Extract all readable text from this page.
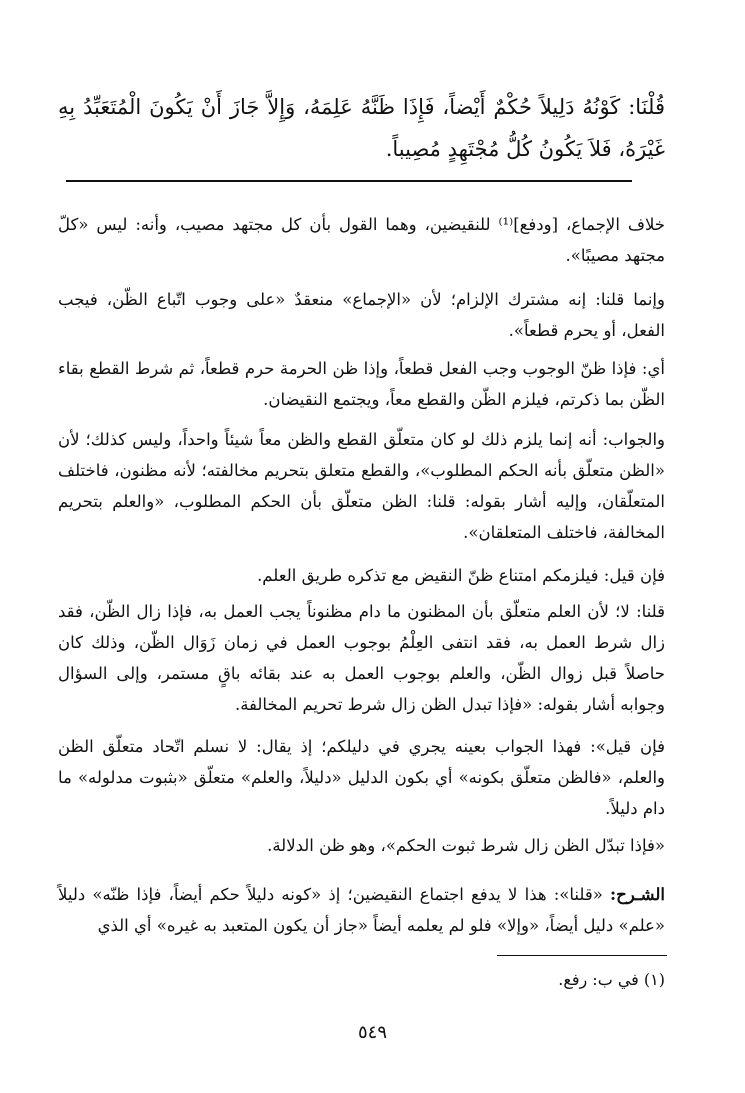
قُلْنَا: كَوْنُهُ دَلِيلاً حُكْمٌ أَيْضاً، فَإِذَا ظَنَّهُ عَلِمَهُ، وَإِلاَّ جَازَ أَنْ يَكُونَ الْمُتَعَبِّدُ بِهِ غَيْرَهُ، فَلاَ يَكُونُ كُلُّ مُجْتَهِدٍ مُصِيباً.
خلاف الإجماع، [ودفع]⁽¹⁾ للنقيضين، وهما القول بأن كل مجتهد مصيب، وأنه: ليس «كلّ مجتهد مصيبًا».
وإنما قلنا: إنه مشترك الإلزام؛ لأن «الإجماع» منعقدٌ «على وجوب اتّباع الظّن، فيجب الفعل، أو يحرم قطعاً».
أي: فإذا ظنّ الوجوب وجب الفعل قطعاً، وإذا ظن الحرمة حرم قطعاً، ثم شرط القطع بقاء الظّن بما ذكرتم، فيلزم الظّن والقطع معاً، ويجتمع النقيضان.
والجواب: أنه إنما يلزم ذلك لو كان متعلّق القطع والظن معاً شيئاً واحداً، وليس كذلك؛ لأن «الظن متعلّق بأنه الحكم المطلوب»، والقطع متعلق بتحريم مخالفته؛ لأنه مظنون، فاختلف المتعلّقان، وإليه أشار بقوله: قلنا: الظن متعلّق بأن الحكم المطلوب، «والعلم بتحريم المخالفة، فاختلف المتعلقان».
فإن قيل: فيلزمكم امتناع ظنّ النقيض مع تذكره طريق العلم.
قلنا: لا؛ لأن العلم متعلّق بأن المظنون ما دام مظنوناً يجب العمل به، فإذا زال الظّن، فقد زال شرط العمل به، فقد انتفى العِلْمُ بوجوب العمل في زمان زَوَال الظّن، وذلك كان حاصلاً قبل زوال الظّن، والعلم بوجوب العمل به عند بقائه باقٍ مستمر، وإلى السؤال وجوابه أشار بقوله: «فإذا تبدل الظن زال شرط تحريم المخالفة.
فإن قيل»: فهذا الجواب بعينه يجري في دليلكم؛ إذ يقال: لا نسلم اتّحاد متعلّق الظن والعلم، «فالظن متعلّق بكونه» أي بكون الدليل «دليلاً، والعلم» متعلّق «بثبوت مدلوله» ما دام دليلاً.
«فإذا تبدّل الظن زال شرط ثبوت الحكم»، وهو ظن الدلالة.
الشـرح: «قلنا»: هذا لا يدفع اجتماع النقيضين؛ إذ «كونه دليلاً حكم أيضاً، فإذا ظنّه» دليلاً «علم» دليل أيضاً، «وإلا» فلو لم يعلمه أيضاً «جاز أن يكون المتعبد به غيره» أي الذي
(١) في ب: رفع.
٥٤٩
